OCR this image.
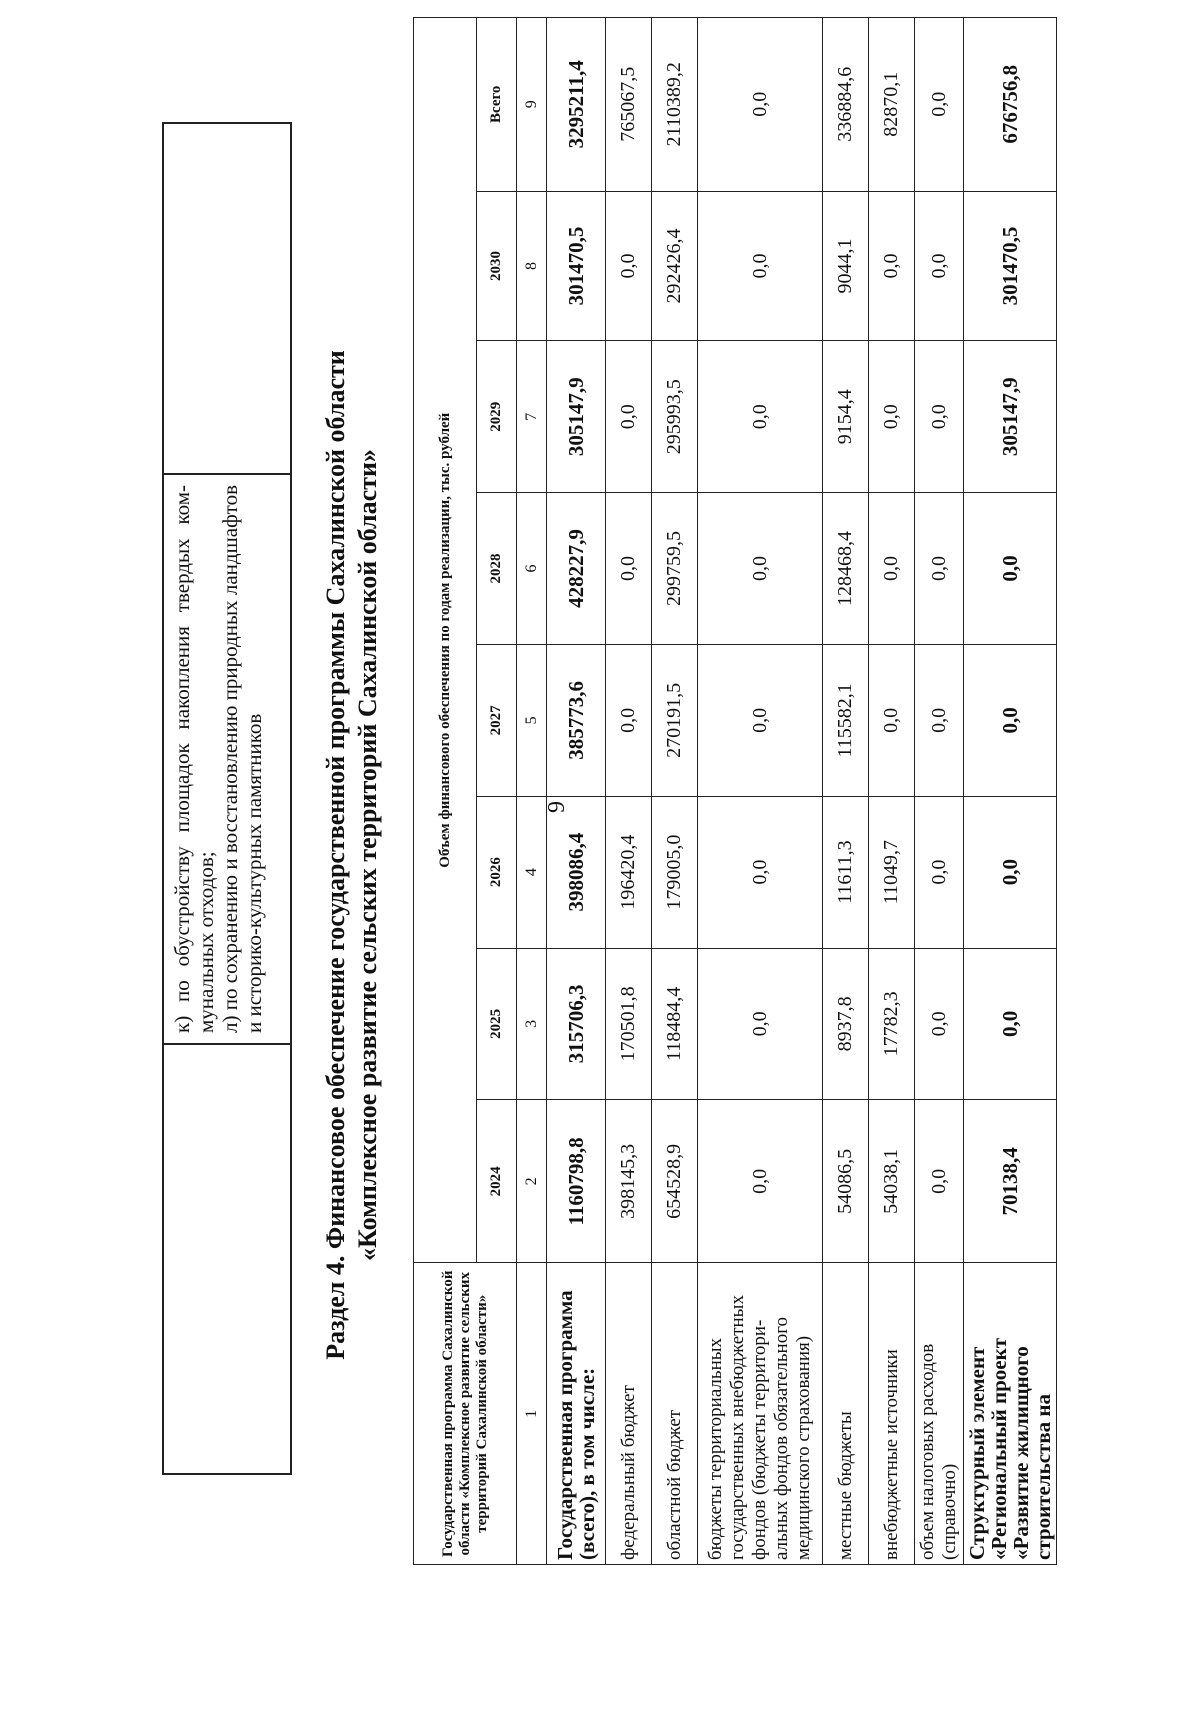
9

к) по обустройству площадок накопления твердых коммунальных отходов; л) по сохранению и восстановлению природных ландшафтов и историко-культурных памятников Раздел 4. Финансовое обеспечение государственной программы Сахалинской области «Комплексное развитие сельских территорий Сахалинской области»
Государственная программа Сахалинской области «Комплексное развитие сельских территорий Сахалинской области»	Объем финансового обеспечения по годам реализации, тыс. рублей							
	2024	2025	2026	2027	2028	2029	2030	Всего
1	2	3	4	5	6	7	8	9
Государственная программа (всего), в том числе:	1160798,8	315706,3	398086,4	385773,6	428227,9	305147,9	301470,5	3295211,4
федеральный бюджет	398145,3	170501,8	196420,4	0,0	0,0	0,0	0,0	765067,5
областной бюджет	654528,9	118484,4	179005,0	270191,5	299759,5	295993,5	292426,4	2110389,2
бюджеты территориальных государственных внебюджетных фондов (бюджеты территориальных фондов обязательного медицинского страхования)	0,0	0,0	0,0	0,0	0,0	0,0	0,0	0,0
местные бюджеты	54086,5	8937,8	11611,3	115582,1	128468,4	9154,4	9044,1	336884,6
внебюджетные источники	54038,1	17782,3	11049,7	0,0	0,0	0,0	0,0	82870,1
объем налоговых расходов (справочно)	0,0	0,0	0,0	0,0	0,0	0,0	0,0	0,0
Структурный элемент «Региональный проект «Развитие жилищного строительства на	70138,4	0,0	0,0	0,0	0,0	305147,9	301470,5	676756,8
